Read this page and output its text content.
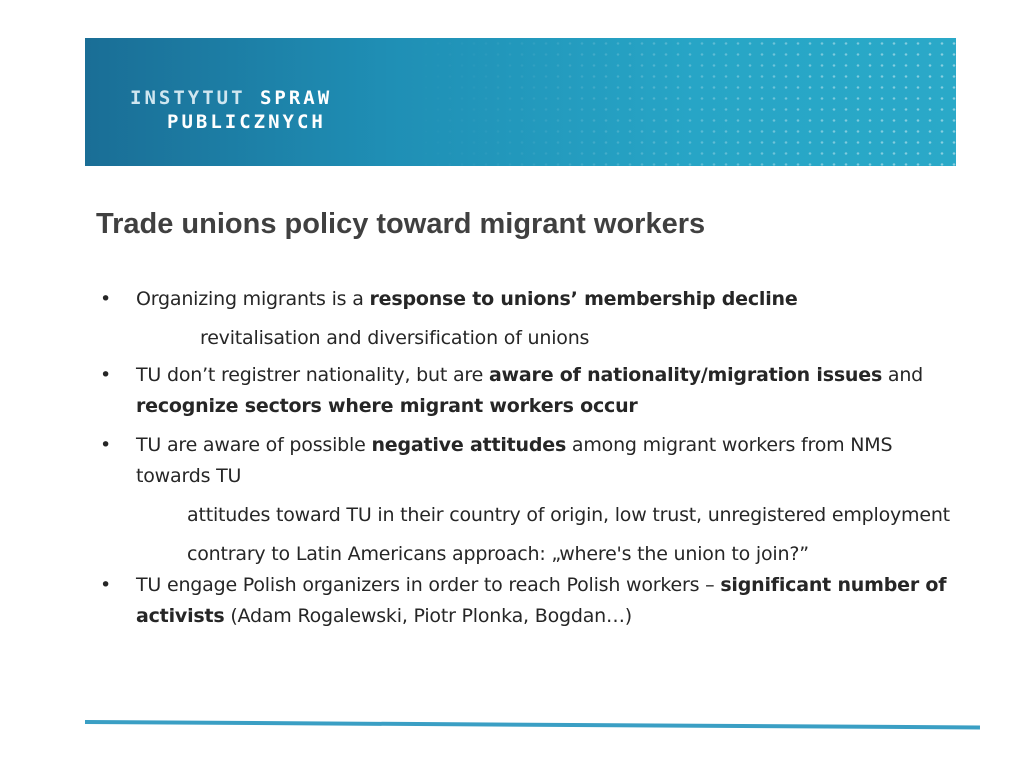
INSTYTUT SPRAW
PUBLICZNYCH
Trade unions policy toward migrant workers

• Organizing migrants is a response to unions’ membership decline

revitalisation and diversification of unions

• TU don’t registrer nationality, but are aware of nationality/migration issues and recognize sectors where migrant workers occur

• TU are aware of possible negative attitudes among migrant workers from NMS towards TU

attitudes toward TU in their country of origin, low trust, unregistered employment

contrary to Latin Americans approach: „where's the union to join?”

• TU engage Polish organizers in order to reach Polish workers – significant number of activists (Adam Rogalewski, Piotr Plonka, Bogdan…)
